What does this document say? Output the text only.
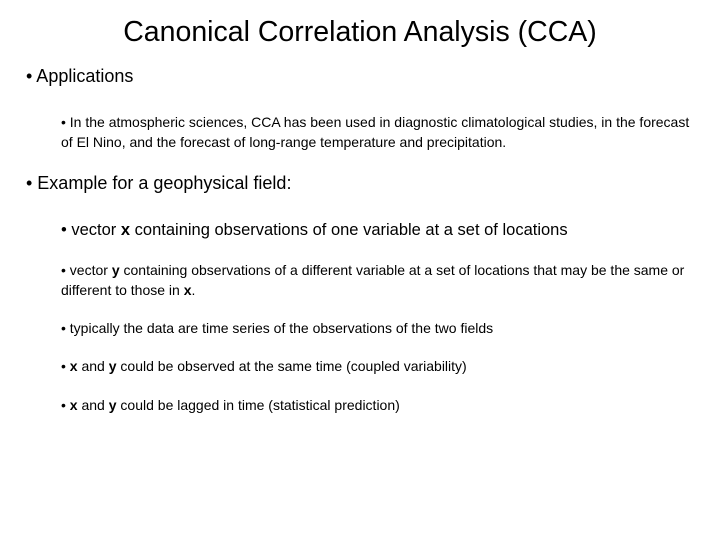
Canonical Correlation Analysis (CCA)
• Applications
• In the atmospheric sciences, CCA has been used in diagnostic climatological studies, in the forecast of El Nino, and the forecast of long-range temperature and precipitation.
• Example for a geophysical field:
• vector x containing observations of one variable at a set of locations
• vector y containing observations of a different variable at a set of locations that may be the same or different to those in x.
• typically the data are time series of the observations of the two fields
• x and y could be observed at the same time (coupled variability)
• x and y could be lagged in time (statistical prediction)
